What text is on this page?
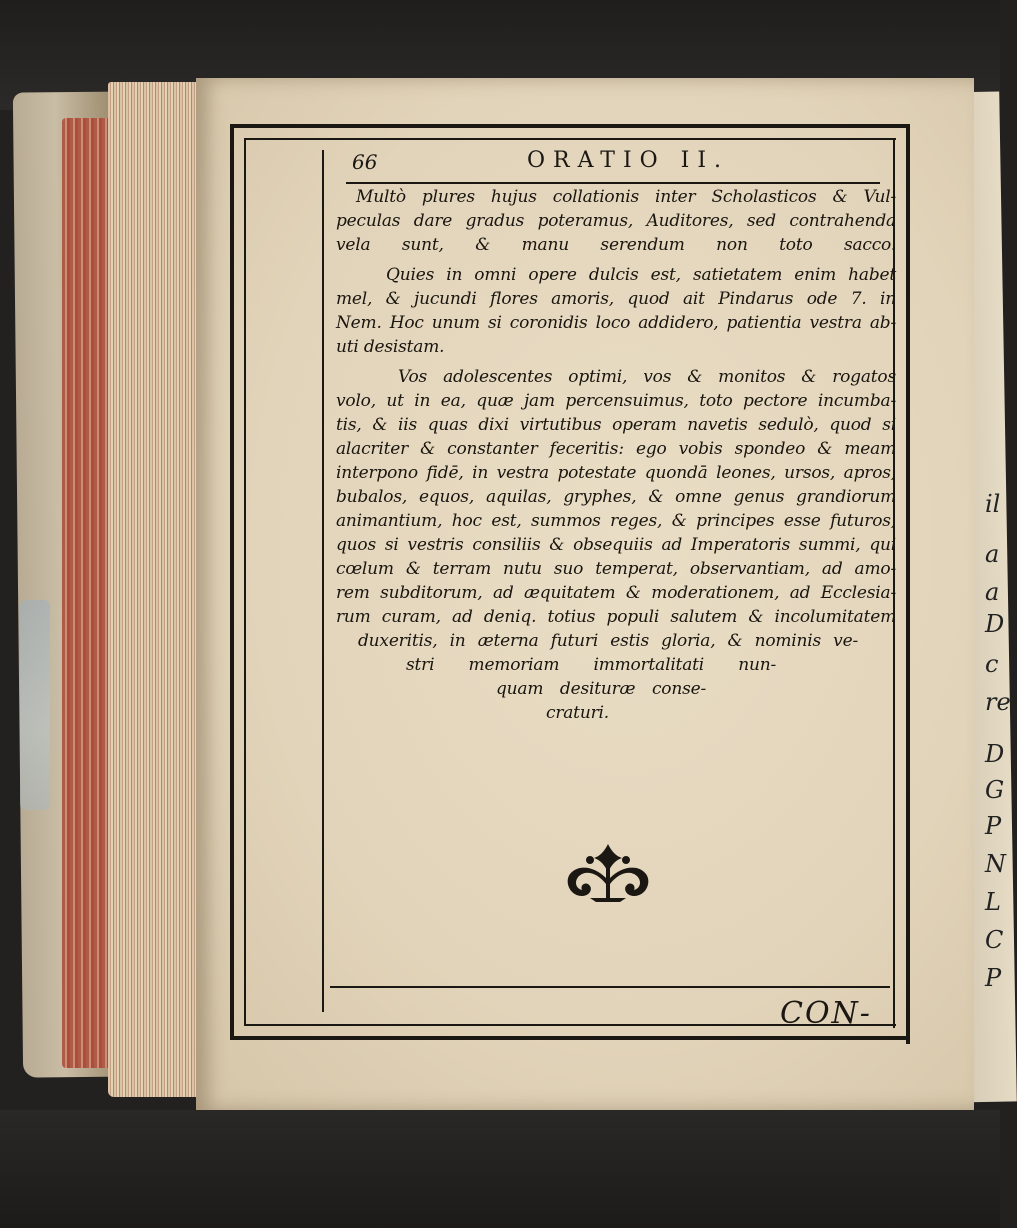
il
a
a
D
c
re
D
G
P
N
L
C
P
66	ORATIO II.
Multò plures hujus collationis inter Scholasticos & Vul-
peculas dare gradus poteramus, Auditores, sed contrahenda
vela sunt, & manu serendum non toto sacco.
Quies in omni opere dulcis est, satietatem enim habet
mel, & jucundi flores amoris, quod ait Pindarus ode 7. in
Nem. Hoc unum si coronidis loco addidero, patientia vestra ab-
uti desistam.
Vos adolescentes optimi, vos & monitos & rogatos
volo, ut in ea, quæ jam percensuimus, toto pectore incumba-
tis, & iis quas dixi virtutibus operam navetis sedulò, quod si
alacriter & constanter feceritis: ego vobis spondeo & meam
interpono fidē, in vestra potestate quondā leones, ursos, apros,
bubalos, equos, aquilas, gryphes, & omne genus grandiorum
animantium, hoc est, summos reges, & principes esse futuros,
quos si vestris consiliis & obsequiis ad Imperatoris summi, qui
cœlum & terram nutu suo temperat, observantiam, ad amo-
rem subditorum, ad æquitatem & moderationem, ad Ecclesia-
rum curam, ad deniq. totius populi salutem & incolumitatem
duxeritis, in æterna futuri estis gloria, & nominis ve-
stri memoriam immortalitati nun-
quam desituræ conse-
craturi.
CON-
